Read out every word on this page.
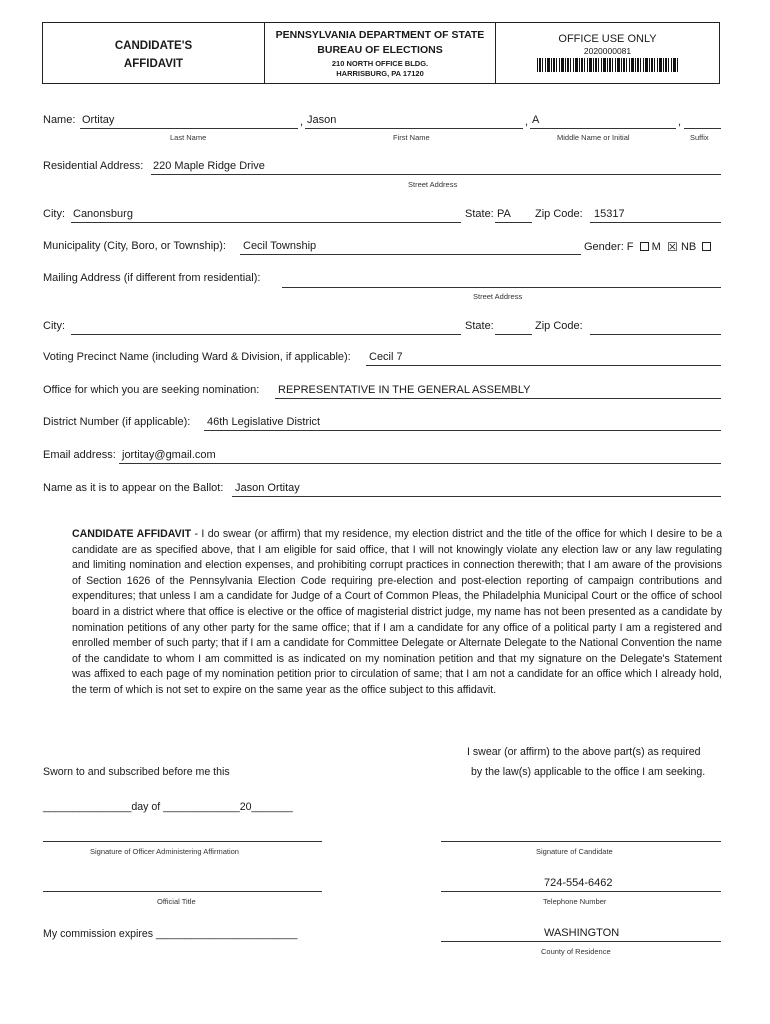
CANDIDATE'S
AFFIDAVIT
PENNSYLVANIA DEPARTMENT OF STATE
BUREAU OF ELECTIONS
210 NORTH OFFICE BLDG.
HARRISBURG, PA 17120
OFFICE USE ONLY
2020000081
Name: Ortitay	, Jason	, A	,
Last Name	First Name	Middle Name or Initial	Suffix
Residential Address: 220 Maple Ridge Drive
Street Address
City: Canonsburg	State: PA Zip Code: 15317
Municipality (City, Boro, or Township): Cecil Township	Gender: F M ☒ NB
Mailing Address (if different from residential):
Street Address
City:	State:	Zip Code:
Voting Precinct Name (including Ward & Division, if applicable): Cecil 7
Office for which you are seeking nomination: REPRESENTATIVE IN THE GENERAL ASSEMBLY
District Number (if applicable): 46th Legislative District
Email address: jortitay@gmail.com
Name as it is to appear on the Ballot: Jason Ortitay
CANDIDATE AFFIDAVIT - I do swear (or affirm) that my residence, my election district and the title of the office for which I desire to be a candidate are as specified above, that I am eligible for said office, that I will not knowingly violate any election law or any law regulating and limiting nomination and election expenses, and prohibiting corrupt practices in connection therewith; that I am aware of the provisions of Section 1626 of the Pennsylvania Election Code requiring pre-election and post-election reporting of campaign contributions and expenditures; that unless I am a candidate for Judge of a Court of Common Pleas, the Philadelphia Municipal Court or the office of school board in a district where that office is elective or the office of magisterial district judge, my name has not been presented as a candidate by nomination petitions of any other party for the same office; that if I am a candidate for any office of a political party I am a registered and enrolled member of such party; that if I am a candidate for Committee Delegate or Alternate Delegate to the National Convention the name of the candidate to whom I am committed is as indicated on my nomination petition and that my signature on the Delegate's Statement was affixed to each page of my nomination petition prior to circulation of same; that I am not a candidate for an office which I already hold, the term of which is not set to expire on the same year as the office subject to this affidavit.
I swear (or affirm) to the above part(s) as required
by the law(s) applicable to the office I am seeking.
Sworn to and subscribed before me this
_______________day of _____________20_______
Signature of Officer Administering Affirmation	Signature of Candidate
Official Title
724-554-6462
Telephone Number
My commission expires ________________________	WASHINGTON
County of Residence
